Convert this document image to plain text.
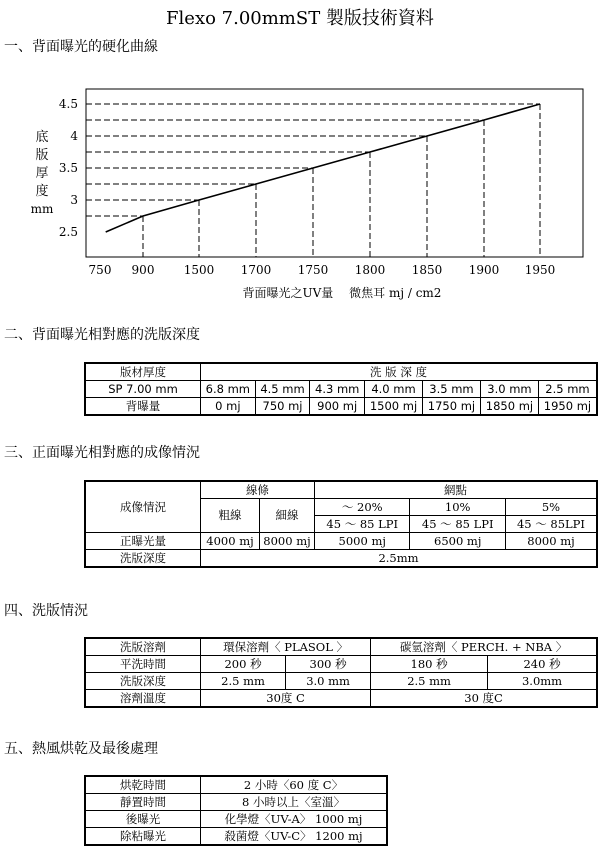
Flexo 7.00mmST 製版技術資料
一、背面曝光的硬化曲線
底
版
厚
度
mm
2.5
3
3.5
4
4.5
750 900 1500 1700 1750 1800 1850 1900 1950
背面曝光之UV量　 微焦耳 mj / cm2
二、背面曝光相對應的洗版深度
版材厚度	洗 版 深 度						
SP 7.00 mm	6.8 mm	4.5 mm	4.3 mm	4.0 mm	3.5 mm	3.0 mm	2.5 mm
背曝量	0 mj	750 mj	900 mj	1500 mj	1750 mj	1850 mj	1950 mj
三、正面曝光相對應的成像情況
成像情況	線條		網點		
	粗線	細線	～ 20%	10%	5%
			45 ～ 85 LPI	45 ～ 85 LPI	45 ～ 85LPI
正曝光量	4000 mj	8000 mj	5000 mj	6500 mj	8000 mj
洗版深度	2.5mm				
四、洗版情況
洗版溶劑	環保溶劑〈 PLASOL 〉		碳氫溶劑〈 PERCH. + NBA 〉	
平洗時間	200 秒	300 秒	180 秒	240 秒
洗版深度	2.5 mm	3.0 mm	2.5 mm	3.0mm
溶劑溫度	30度 C		30 度C	
五、熱風烘乾及最後處理
烘乾時間	2 小時〈60 度 C〉
靜置時間	8 小時以上〈室溫〉
後曝光	化學燈〈UV-A〉 1000 mj
除粘曝光	殺菌燈〈UV-C〉 1200 mj
